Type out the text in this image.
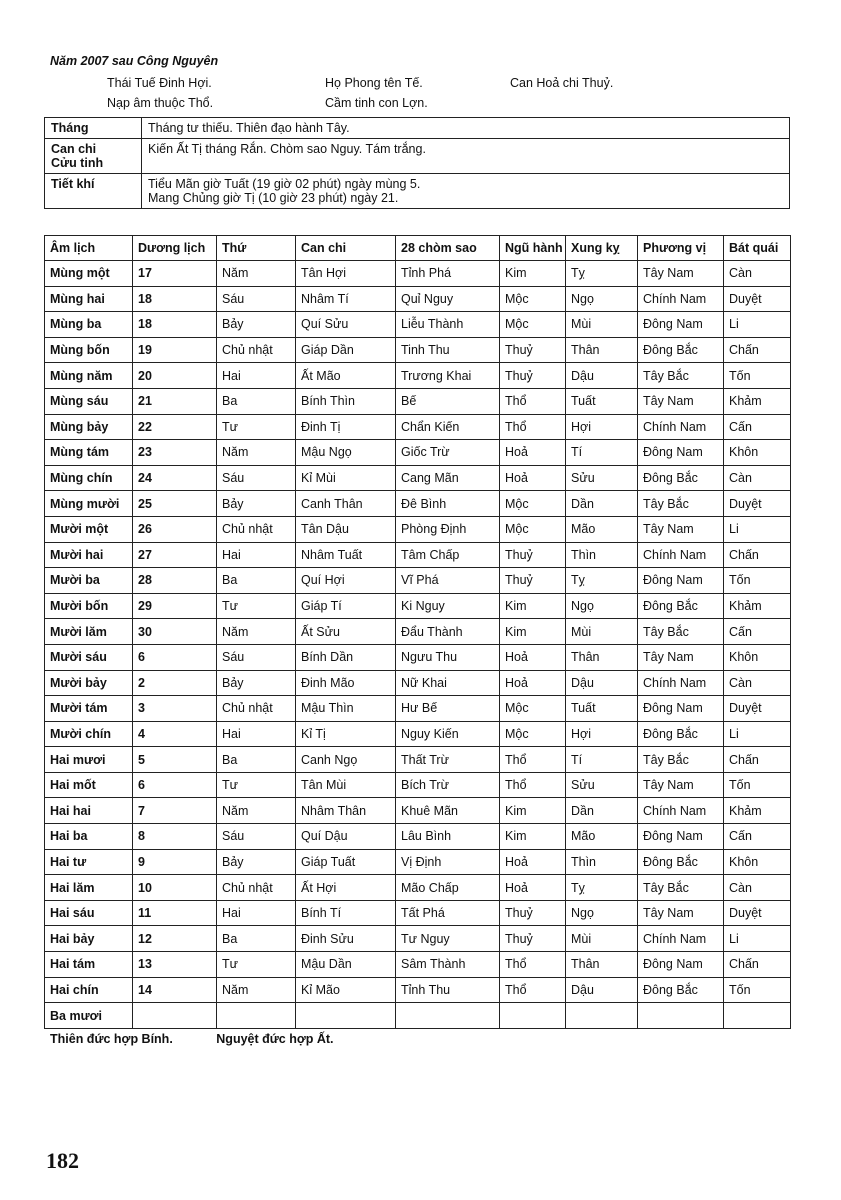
Năm 2007 sau Công Nguyên
Thái Tuế Đinh Hợi.	Họ Phong tên Tế.	Can Hoả chi Thuỷ.
Nạp âm thuộc Thổ.	Cầm tinh con Lợn.
Tháng	Tháng tư thiếu. Thiên đạo hành Tây.

Can chi
Cửu tinh	Kiến Ất Tị tháng Rắn. Chòm sao Nguy. Tám trắng.
Tiết khí	Tiểu Mãn giờ Tuất (19 giờ 02 phút) ngày mùng 5.
Mang Chủng giờ Tị (10 giờ 23 phút) ngày 21.
Âm lịch	Dương lịch	Thứ	Can chi	28 chòm sao	Ngũ hành	Xung kỵ	Phương vị	Bát quái
Mùng một	17	Năm	Tân Hợi	Tỉnh Phá	Kim	Tỵ	Tây Nam	Càn
Mùng hai	18	Sáu	Nhâm Tí	Quỉ Nguy	Mộc	Ngọ	Chính Nam	Duyệt
Mùng ba	18	Bảy	Quí Sửu	Liễu Thành	Mộc	Mùi	Đông Nam	Li
Mùng bốn	19	Chủ nhật	Giáp Dần	Tinh Thu	Thuỷ	Thân	Đông Bắc	Chấn
Mùng năm	20	Hai	Ất Mão	Trương Khai	Thuỷ	Dậu	Tây Bắc	Tốn
Mùng sáu	21	Ba	Bính Thìn	Bế	Thổ	Tuất	Tây Nam	Khảm
Mùng bảy	22	Tư	Đinh Tị	Chẩn Kiến	Thổ	Hợi	Chính Nam	Cấn
Mùng tám	23	Năm	Mậu Ngọ	Giốc Trừ	Hoả	Tí	Đông Nam	Khôn
Mùng chín	24	Sáu	Kỉ Mùi	Cang Mãn	Hoả	Sửu	Đông Bắc	Càn
Mùng mười	25	Bảy	Canh Thân	Đê Bình	Mộc	Dần	Tây Bắc	Duyệt
Mười một	26	Chủ nhật	Tân Dậu	Phòng Định	Mộc	Mão	Tây Nam	Li
Mười hai	27	Hai	Nhâm Tuất	Tâm Chấp	Thuỷ	Thìn	Chính Nam	Chấn
Mười ba	28	Ba	Quí Hợi	Vĩ Phá	Thuỷ	Tỵ	Đông Nam	Tốn
Mười bốn	29	Tư	Giáp Tí	Ki Nguy	Kim	Ngọ	Đông Bắc	Khảm
Mười lăm	30	Năm	Ất Sửu	Đẩu Thành	Kim	Mùi	Tây Bắc	Cấn
Mười sáu	6	Sáu	Bính Dần	Ngưu Thu	Hoả	Thân	Tây Nam	Khôn
Mười bảy	2	Bảy	Đinh Mão	Nữ Khai	Hoả	Dậu	Chính Nam	Càn
Mười tám	3	Chủ nhật	Mậu Thìn	Hư Bế	Mộc	Tuất	Đông Nam	Duyệt
Mười chín	4	Hai	Kỉ Tị	Nguy Kiến	Mộc	Hợi	Đông Bắc	Li
Hai mươi	5	Ba	Canh Ngọ	Thất Trừ	Thổ	Tí	Tây Bắc	Chấn
Hai mốt	6	Tư	Tân Mùi	Bích Trừ	Thổ	Sửu	Tây Nam	Tốn
Hai hai	7	Năm	Nhâm Thân	Khuê Mãn	Kim	Dần	Chính Nam	Khảm
Hai ba	8	Sáu	Quí Dậu	Lâu Bình	Kim	Mão	Đông Nam	Cấn
Hai tư	9	Bảy	Giáp Tuất	Vị Định	Hoả	Thìn	Đông Bắc	Khôn
Hai lăm	10	Chủ nhật	Ất Hợi	Mão Chấp	Hoả	Tỵ	Tây Bắc	Càn
Hai sáu	11	Hai	Bính Tí	Tất Phá	Thuỷ	Ngọ	Tây Nam	Duyệt
Hai bảy	12	Ba	Đinh Sửu	Tư Nguy	Thuỷ	Mùi	Chính Nam	Li
Hai tám	13	Tư	Mậu Dần	Sâm Thành	Thổ	Thân	Đông Nam	Chấn
Hai chín	14	Năm	Kỉ Mão	Tỉnh Thu	Thổ	Dậu	Đông Bắc	Tốn
Ba mươi								
Thiên đức hợp Bính.	Nguyệt đức hợp Ất.
182
